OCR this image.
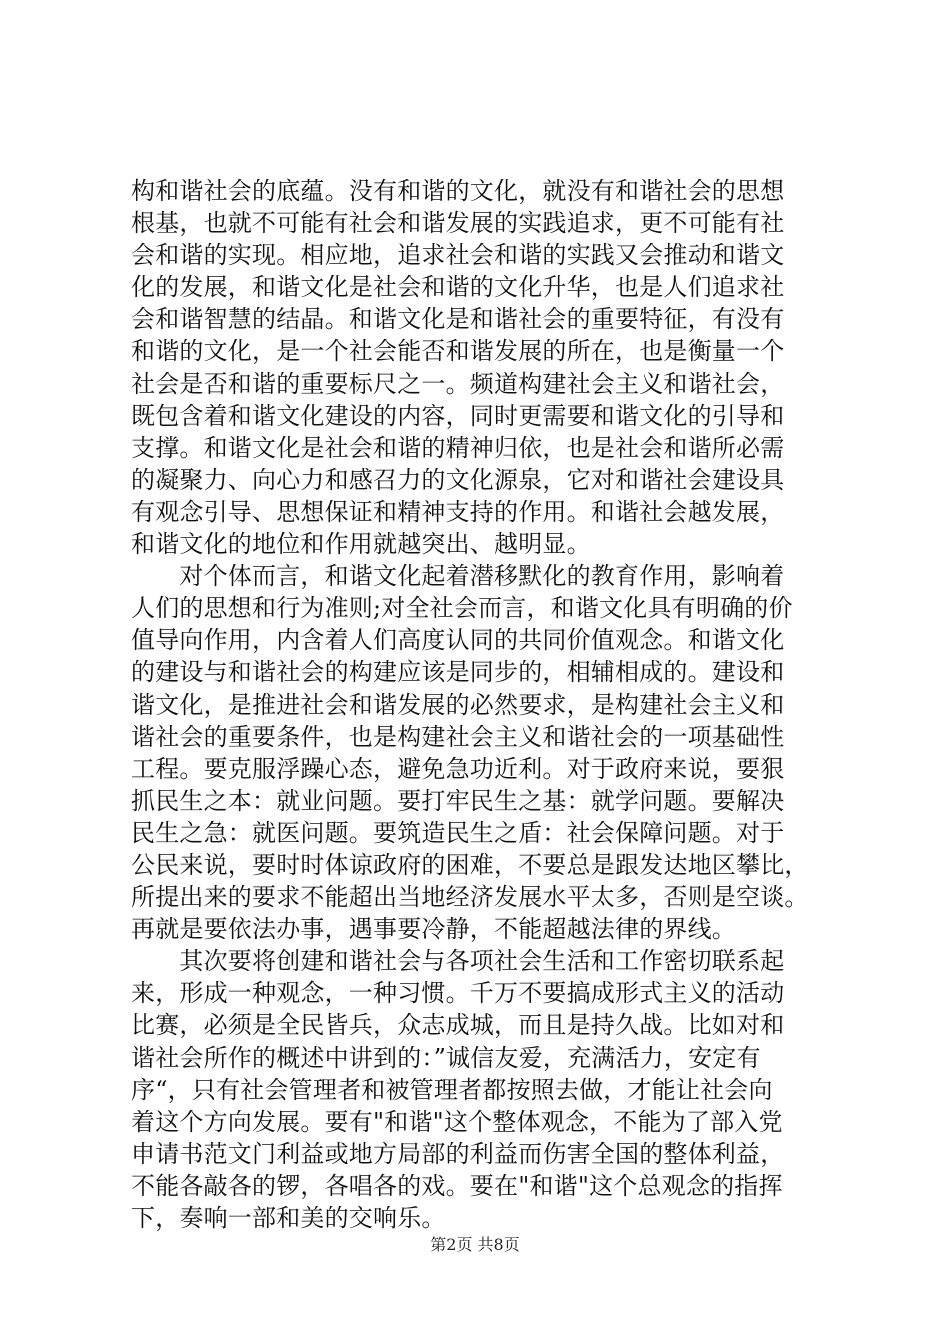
构和谐社会的底蕴。没有和谐的文化，就没有和谐社会的思想
根基，也就不可能有社会和谐发展的实践追求，更不可能有社
会和谐的实现。相应地，追求社会和谐的实践又会推动和谐文
化的发展，和谐文化是社会和谐的文化升华，也是人们追求社
会和谐智慧的结晶。和谐文化是和谐社会的重要特征，有没有
和谐的文化，是一个社会能否和谐发展的所在，也是衡量一个
社会是否和谐的重要标尺之一。频道构建社会主义和谐社会，
既包含着和谐文化建设的内容，同时更需要和谐文化的引导和
支撑。和谐文化是社会和谐的精神归依，也是社会和谐所必需
的凝聚力、向心力和感召力的文化源泉，它对和谐社会建设具
有观念引导、思想保证和精神支持的作用。和谐社会越发展，
和谐文化的地位和作用就越突出、越明显。
　　对个体而言，和谐文化起着潜移默化的教育作用，影响着
人们的思想和行为准则;对全社会而言，和谐文化具有明确的价
值导向作用，内含着人们高度认同的共同价值观念。和谐文化
的建设与和谐社会的构建应该是同步的，相辅相成的。建设和
谐文化，是推进社会和谐发展的必然要求，是构建社会主义和
谐社会的重要条件，也是构建社会主义和谐社会的一项基础性
工程。要克服浮躁心态，避免急功近利。对于政府来说，要狠
抓民生之本：就业问题。要打牢民生之基：就学问题。要解决
民生之急：就医问题。要筑造民生之盾：社会保障问题。对于
公民来说，要时时体谅政府的困难，不要总是跟发达地区攀比，
所提出来的要求不能超出当地经济发展水平太多，否则是空谈。
再就是要依法办事，遇事要冷静，不能超越法律的界线。
　　其次要将创建和谐社会与各项社会生活和工作密切联系起
来，形成一种观念，一种习惯。千万不要搞成形式主义的活动
比赛，必须是全民皆兵，众志成城，而且是持久战。比如对和
谐社会所作的概述中讲到的：”诚信友爱，充满活力，安定有
序“，只有社会管理者和被管理者都按照去做，才能让社会向
着这个方向发展。要有"和谐"这个整体观念，不能为了部入党
申请书范文门利益或地方局部的利益而伤害全国的整体利益，
不能各敲各的锣，各唱各的戏。要在"和谐"这个总观念的指挥
下，奏响一部和美的交响乐。
第2页 共8页
